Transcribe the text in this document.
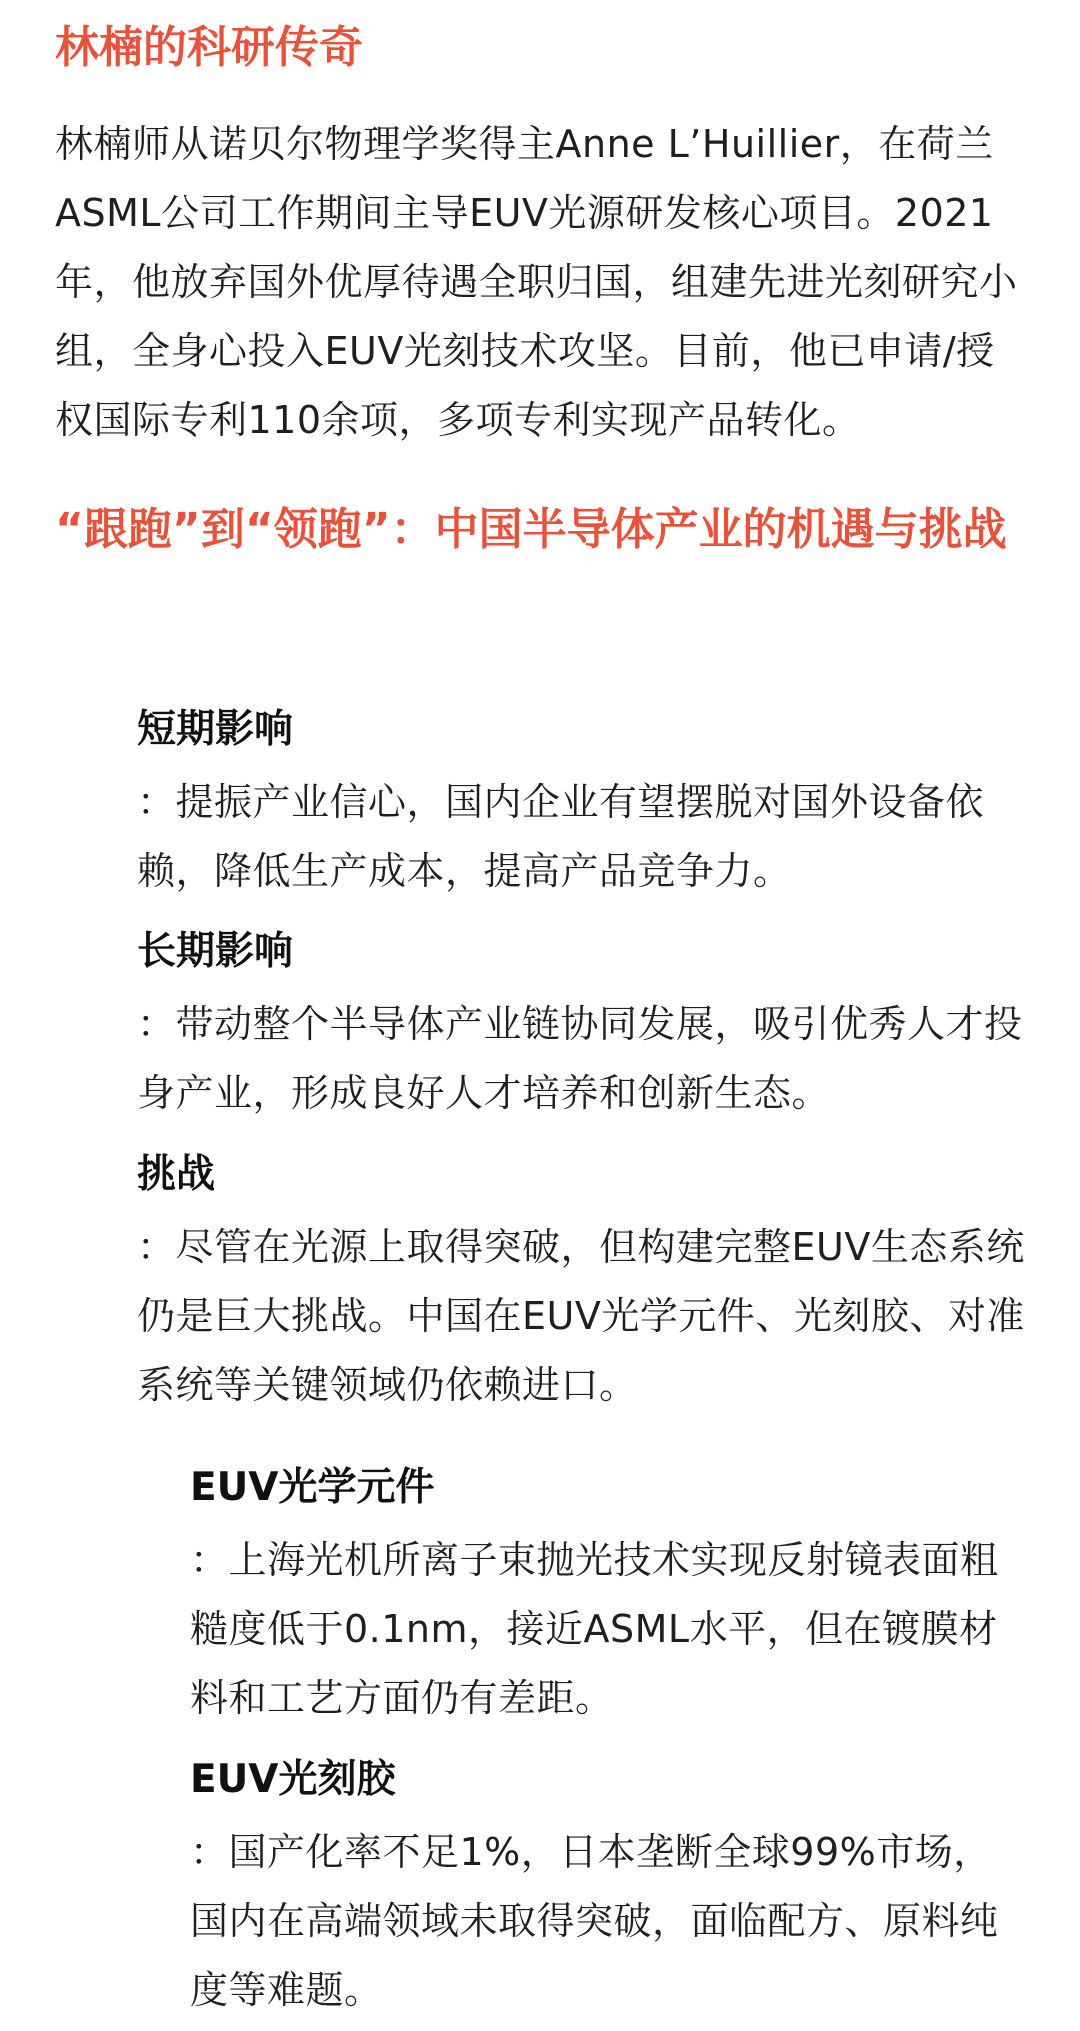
林楠的科研传奇

林楠师从诺贝尔物理学奖得主Anne L’Huillier，在荷兰ASML公司工作期间主导EUV光源研发核心项目。2021年，他放弃国外优厚待遇全职归国，组建先进光刻研究小组，全身心投入EUV光刻技术攻坚。目前，他已申请/授权国际专利110余项，多项专利实现产品转化。

“跟跑”到“领跑”：中国半导体产业的机遇与挑战
短期影响

：提振产业信心，国内企业有望摆脱对国外设备依赖，降低生产成本，提高产品竞争力。

长期影响

：带动整个半导体产业链协同发展，吸引优秀人才投身产业，形成良好人才培养和创新生态。

挑战

：尽管在光源上取得突破，但构建完整EUV生态系统仍是巨大挑战。中国在EUV光学元件、光刻胶、对准系统等关键领域仍依赖进口。

EUV光学元件

：上海光机所离子束抛光技术实现反射镜表面粗糙度低于0.1nm，接近ASML水平，但在镀膜材料和工艺方面仍有差距。

EUV光刻胶

：国产化率不足1%，日本垄断全球99%市场，国内在高端领域未取得突破，面临配方、原料纯度等难题。
